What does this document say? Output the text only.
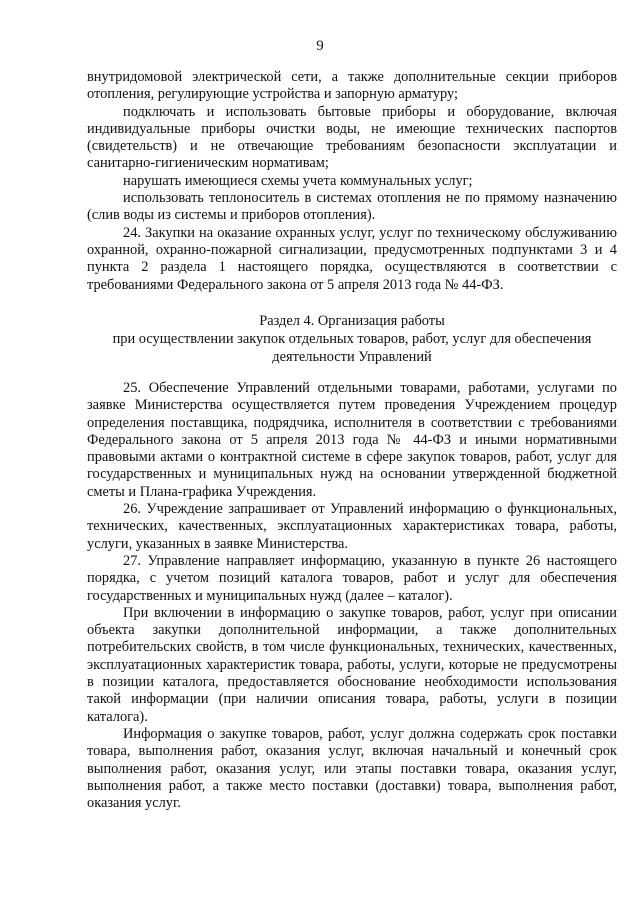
9

внутридомовой электрической сети, а также дополнительные секции приборов отопления, регулирующие устройства и запорную арматуру;

подключать и использовать бытовые приборы и оборудование, включая индивидуальные приборы очистки воды, не имеющие технических паспортов (свидетельств) и не отвечающие требованиям безопасности эксплуатации и санитарно-гигиеническим нормативам;

нарушать имеющиеся схемы учета коммунальных услуг;

использовать теплоноситель в системах отопления не по прямому назначению (слив воды из системы и приборов отопления).

24. Закупки на оказание охранных услуг, услуг по техническому обслуживанию охранной, охранно-пожарной сигнализации, предусмотренных подпунктами 3 и 4 пункта 2 раздела 1 настоящего порядка, осуществляются в соответствии с требованиями Федерального закона от 5 апреля 2013 года № 44-ФЗ.

Раздел 4. Организация работы
при осуществлении закупок отдельных товаров, работ, услуг для обеспечения
деятельности Управлений

25. Обеспечение Управлений отдельными товарами, работами, услугами по заявке Министерства осуществляется путем проведения Учреждением процедур определения поставщика, подрядчика, исполнителя в соответствии с требованиями Федерального закона от 5 апреля 2013 года № 44-ФЗ и иными нормативными правовыми актами о контрактной системе в сфере закупок товаров, работ, услуг для государственных и муниципальных нужд на основании утвержденной бюджетной сметы и Плана-графика Учреждения.

26. Учреждение запрашивает от Управлений информацию о функциональных, технических, качественных, эксплуатационных характеристиках товара, работы, услуги, указанных в заявке Министерства.

27. Управление направляет информацию, указанную в пункте 26 настоящего порядка, с учетом позиций каталога товаров, работ и услуг для обеспечения государственных и муниципальных нужд (далее – каталог).

При включении в информацию о закупке товаров, работ, услуг при описании объекта закупки дополнительной информации, а также дополнительных потребительских свойств, в том числе функциональных, технических, качественных, эксплуатационных характеристик товара, работы, услуги, которые не предусмотрены в позиции каталога, предоставляется обоснование необходимости использования такой информации (при наличии описания товара, работы, услуги в позиции каталога).

Информация о закупке товаров, работ, услуг должна содержать срок поставки товара, выполнения работ, оказания услуг, включая начальный и конечный срок выполнения работ, оказания услуг, или этапы поставки товара, оказания услуг, выполнения работ, а также место поставки (доставки) товара, выполнения работ, оказания услуг.
